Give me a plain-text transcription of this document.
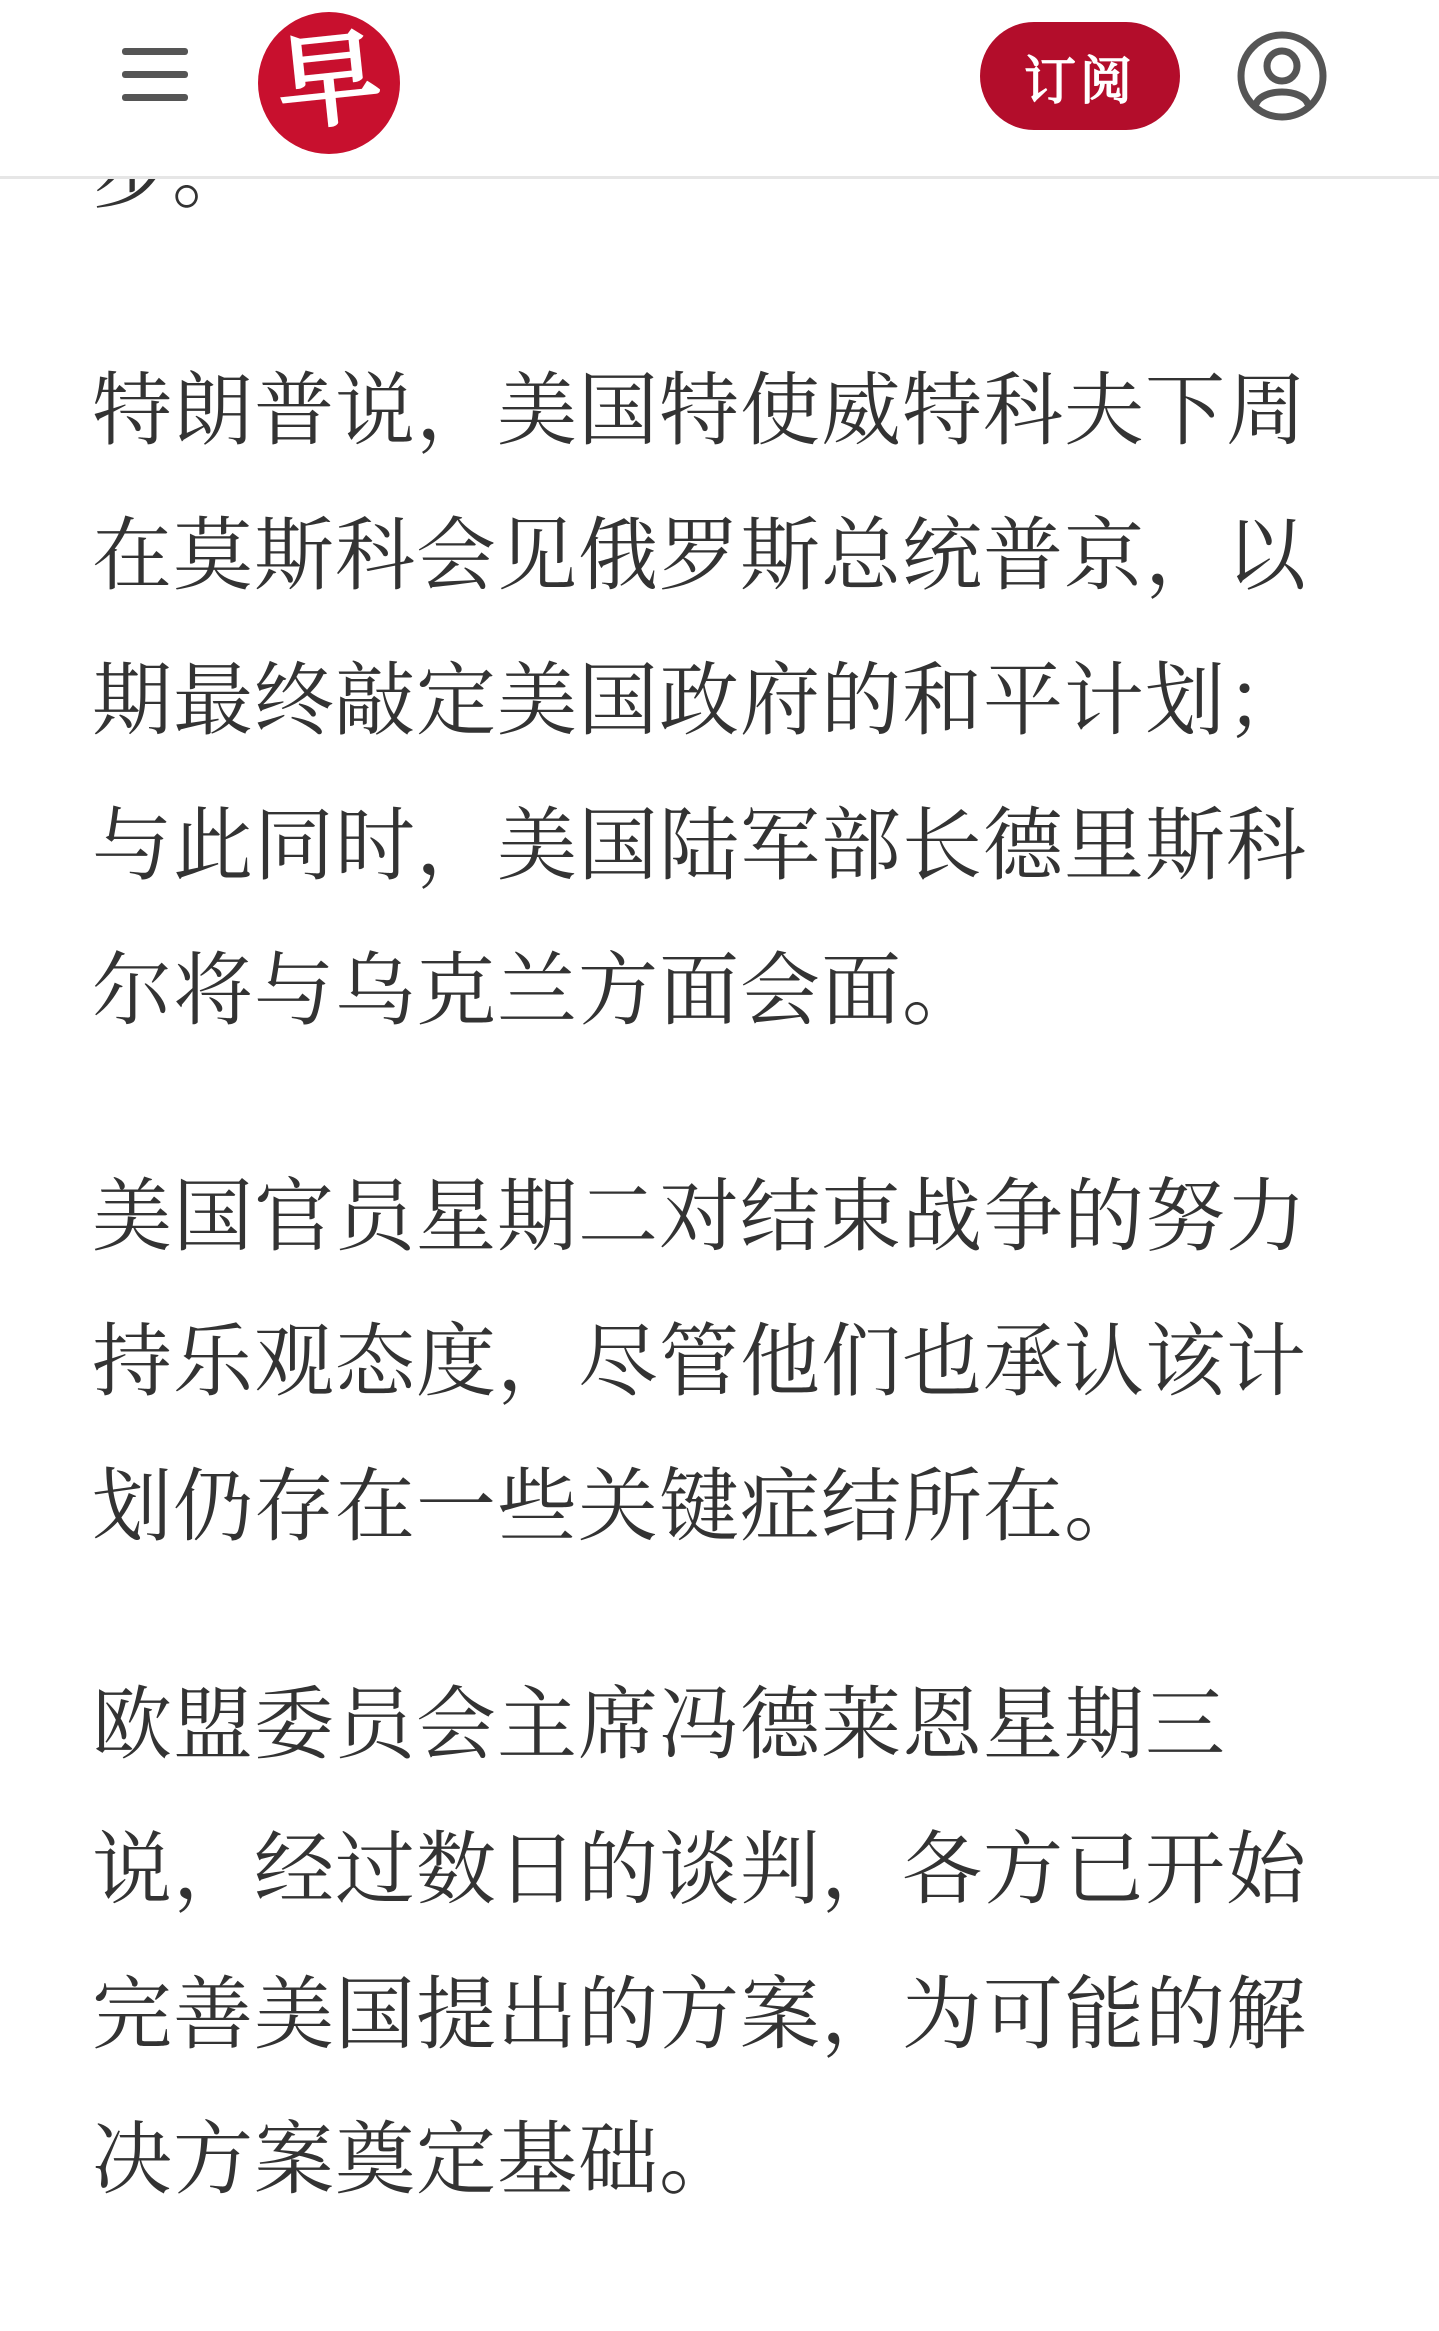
早	订阅

特朗普说，美国特使威特科夫下周在莫斯科会见俄罗斯总统普京，以期最终敲定美国政府的和平计划；与此同时，美国陆军部长德里斯科尔将与乌克兰方面会面。

美国官员星期二对结束战争的努力持乐观态度，尽管他们也承认该计划仍存在一些关键症结所在。

欧盟委员会主席冯德莱恩星期三说，经过数日的谈判，各方已开始完善美国提出的方案，为可能的解决方案奠定基础。
